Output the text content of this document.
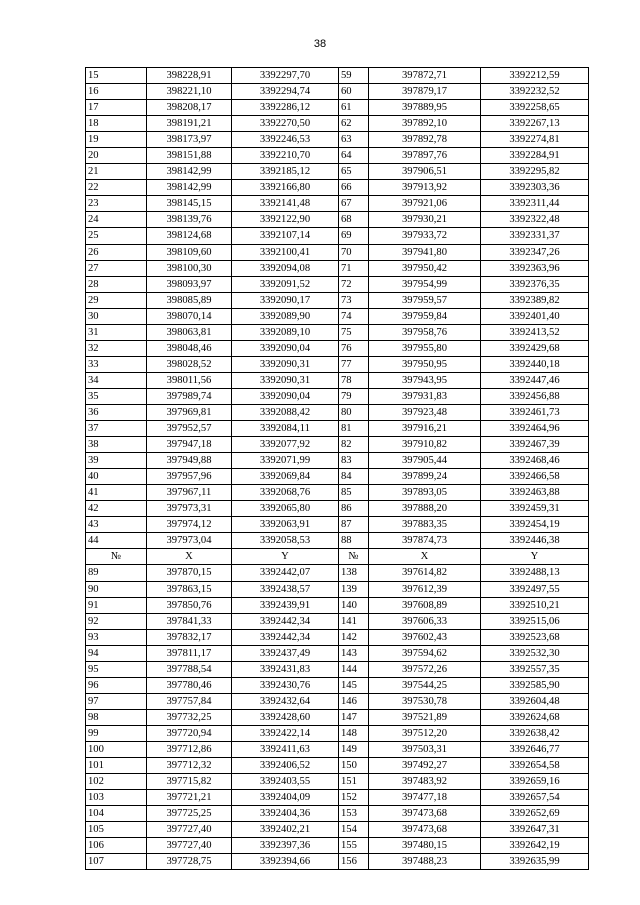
38
15	398228,91	3392297,70	59	397872,71	3392212,59
16	398221,10	3392294,74	60	397879,17	3392232,52
17	398208,17	3392286,12	61	397889,95	3392258,65
18	398191,21	3392270,50	62	397892,10	3392267,13
19	398173,97	3392246,53	63	397892,78	3392274,81
20	398151,88	3392210,70	64	397897,76	3392284,91
21	398142,99	3392185,12	65	397906,51	3392295,82
22	398142,99	3392166,80	66	397913,92	3392303,36
23	398145,15	3392141,48	67	397921,06	3392311,44
24	398139,76	3392122,90	68	397930,21	3392322,48
25	398124,68	3392107,14	69	397933,72	3392331,37
26	398109,60	3392100,41	70	397941,80	3392347,26
27	398100,30	3392094,08	71	397950,42	3392363,96
28	398093,97	3392091,52	72	397954,99	3392376,35
29	398085,89	3392090,17	73	397959,57	3392389,82
30	398070,14	3392089,90	74	397959,84	3392401,40
31	398063,81	3392089,10	75	397958,76	3392413,52
32	398048,46	3392090,04	76	397955,80	3392429,68
33	398028,52	3392090,31	77	397950,95	3392440,18
34	398011,56	3392090,31	78	397943,95	3392447,46
35	397989,74	3392090,04	79	397931,83	3392456,88
36	397969,81	3392088,42	80	397923,48	3392461,73
37	397952,57	3392084,11	81	397916,21	3392464,96
38	397947,18	3392077,92	82	397910,82	3392467,39
39	397949,88	3392071,99	83	397905,44	3392468,46
40	397957,96	3392069,84	84	397899,24	3392466,58
41	397967,11	3392068,76	85	397893,05	3392463,88
42	397973,31	3392065,80	86	397888,20	3392459,31
43	397974,12	3392063,91	87	397883,35	3392454,19
44	397973,04	3392058,53	88	397874,73	3392446,38
№	X	Y	№	X	Y
89	397870,15	3392442,07	138	397614,82	3392488,13
90	397863,15	3392438,57	139	397612,39	3392497,55
91	397850,76	3392439,91	140	397608,89	3392510,21
92	397841,33	3392442,34	141	397606,33	3392515,06
93	397832,17	3392442,34	142	397602,43	3392523,68
94	397811,17	3392437,49	143	397594,62	3392532,30
95	397788,54	3392431,83	144	397572,26	3392557,35
96	397780,46	3392430,76	145	397544,25	3392585,90
97	397757,84	3392432,64	146	397530,78	3392604,48
98	397732,25	3392428,60	147	397521,89	3392624,68
99	397720,94	3392422,14	148	397512,20	3392638,42
100	397712,86	3392411,63	149	397503,31	3392646,77
101	397712,32	3392406,52	150	397492,27	3392654,58
102	397715,82	3392403,55	151	397483,92	3392659,16
103	397721,21	3392404,09	152	397477,18	3392657,54
104	397725,25	3392404,36	153	397473,68	3392652,69
105	397727,40	3392402,21	154	397473,68	3392647,31
106	397727,40	3392397,36	155	397480,15	3392642,19
107	397728,75	3392394,66	156	397488,23	3392635,99
